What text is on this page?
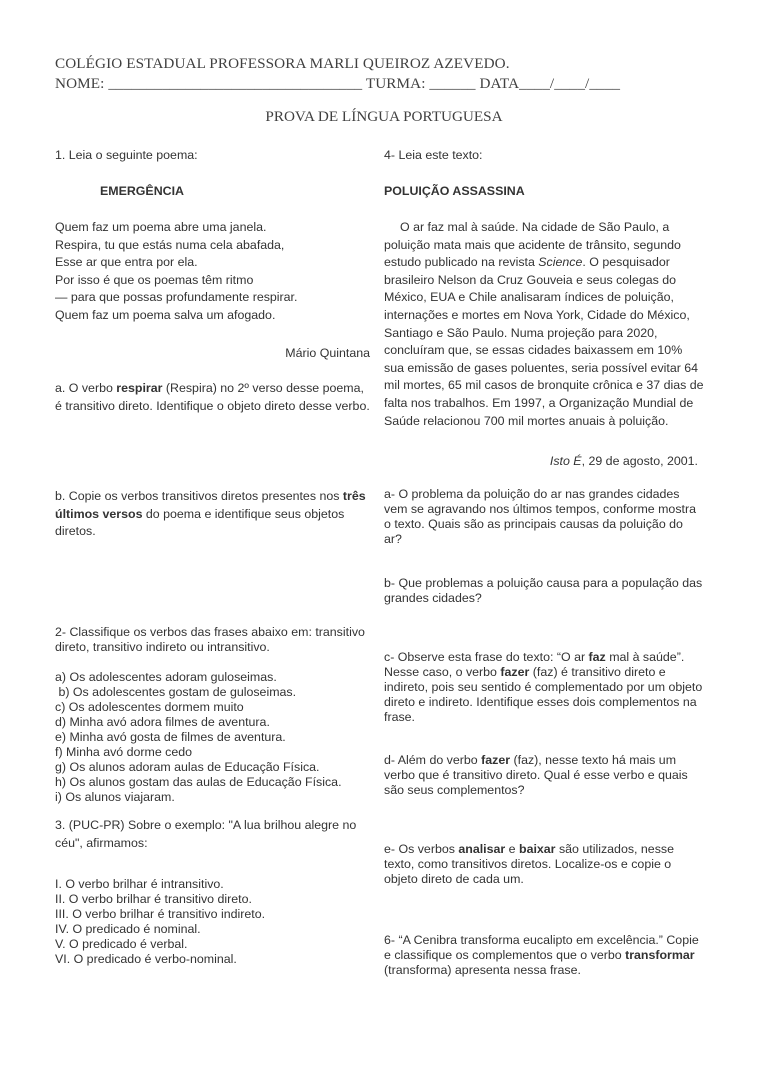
COLÉGIO ESTADUAL PROFESSORA MARLI QUEIROZ AZEVEDO.
NOME: _________________________________ TURMA: ______ DATA____/____/____
PROVA DE LÍNGUA PORTUGUESA
1. Leia o seguinte poema:
EMERGÊNCIA

Quem faz um poema abre uma janela.

Respira, tu que estás numa cela abafada,

Esse ar que entra por ela.

Por isso é que os poemas têm ritmo

— para que possas profundamente respirar.

Quem faz um poema salva um afogado.

Mário Quintana
a. O verbo respirar (Respira) no 2º verso desse poema, é transitivo direto. Identifique o objeto direto desse verbo.
b. Copie os verbos transitivos diretos presentes nos três últimos versos do poema e identifique seus objetos diretos.
2- Classifique os verbos das frases abaixo em: transitivo direto, transitivo indireto ou intransitivo.

a) Os adolescentes adoram guloseimas.

b) Os adolescentes gostam de guloseimas.

c) Os adolescentes dormem muito

d) Minha avó adora filmes de aventura.

e) Minha avó gosta de filmes de aventura.

f) Minha avó dorme cedo

g) Os alunos adoram aulas de Educação Física.

h) Os alunos gostam das aulas de Educação Física.

i) Os alunos viajaram.

3. (PUC-PR) Sobre o exemplo: "A lua brilhou alegre no céu", afirmamos:

I. O verbo brilhar é intransitivo.

II. O verbo brilhar é transitivo direto.

III. O verbo brilhar é transitivo indireto.

IV. O predicado é nominal.

V. O predicado é verbal.

VI. O predicado é verbo-nominal.

4- Leia este texto:
POLUIÇÃO ASSASSINA
O ar faz mal à saúde. Na cidade de São Paulo, a poluição mata mais que acidente de trânsito, segundo estudo publicado na revista Science. O pesquisador brasileiro Nelson da Cruz Gouveia e seus colegas do México, EUA e Chile analisaram índices de poluição, internações e mortes em Nova York, Cidade do México, Santiago e São Paulo. Numa projeção para 2020, concluíram que, se essas cidades baixassem em 10% sua emissão de gases poluentes, seria possível evitar 64 mil mortes, 65 mil casos de bronquite crônica e 37 dias de falta nos trabalhos. Em 1997, a Organização Mundial de Saúde relacionou 700 mil mortes anuais à poluição.
Isto É, 29 de agosto, 2001.
a- O problema da poluição do ar nas grandes cidades vem se agravando nos últimos tempos, conforme mostra o texto. Quais são as principais causas da poluição do ar?
b- Que problemas a poluição causa para a população das grandes cidades?
c- Observe esta frase do texto: “O ar faz mal à saúde”. Nesse caso, o verbo fazer (faz) é transitivo direto e indireto, pois seu sentido é complementado por um objeto direto e indireto. Identifique esses dois complementos na frase.
d- Além do verbo fazer (faz), nesse texto há mais um verbo que é transitivo direto. Qual é esse verbo e quais são seus complementos?
e- Os verbos analisar e baixar são utilizados, nesse texto, como transitivos diretos. Localize-os e copie o objeto direto de cada um.
6- “A Cenibra transforma eucalipto em excelência.” Copie e classifique os complementos que o verbo transformar (transforma) apresenta nessa frase.
